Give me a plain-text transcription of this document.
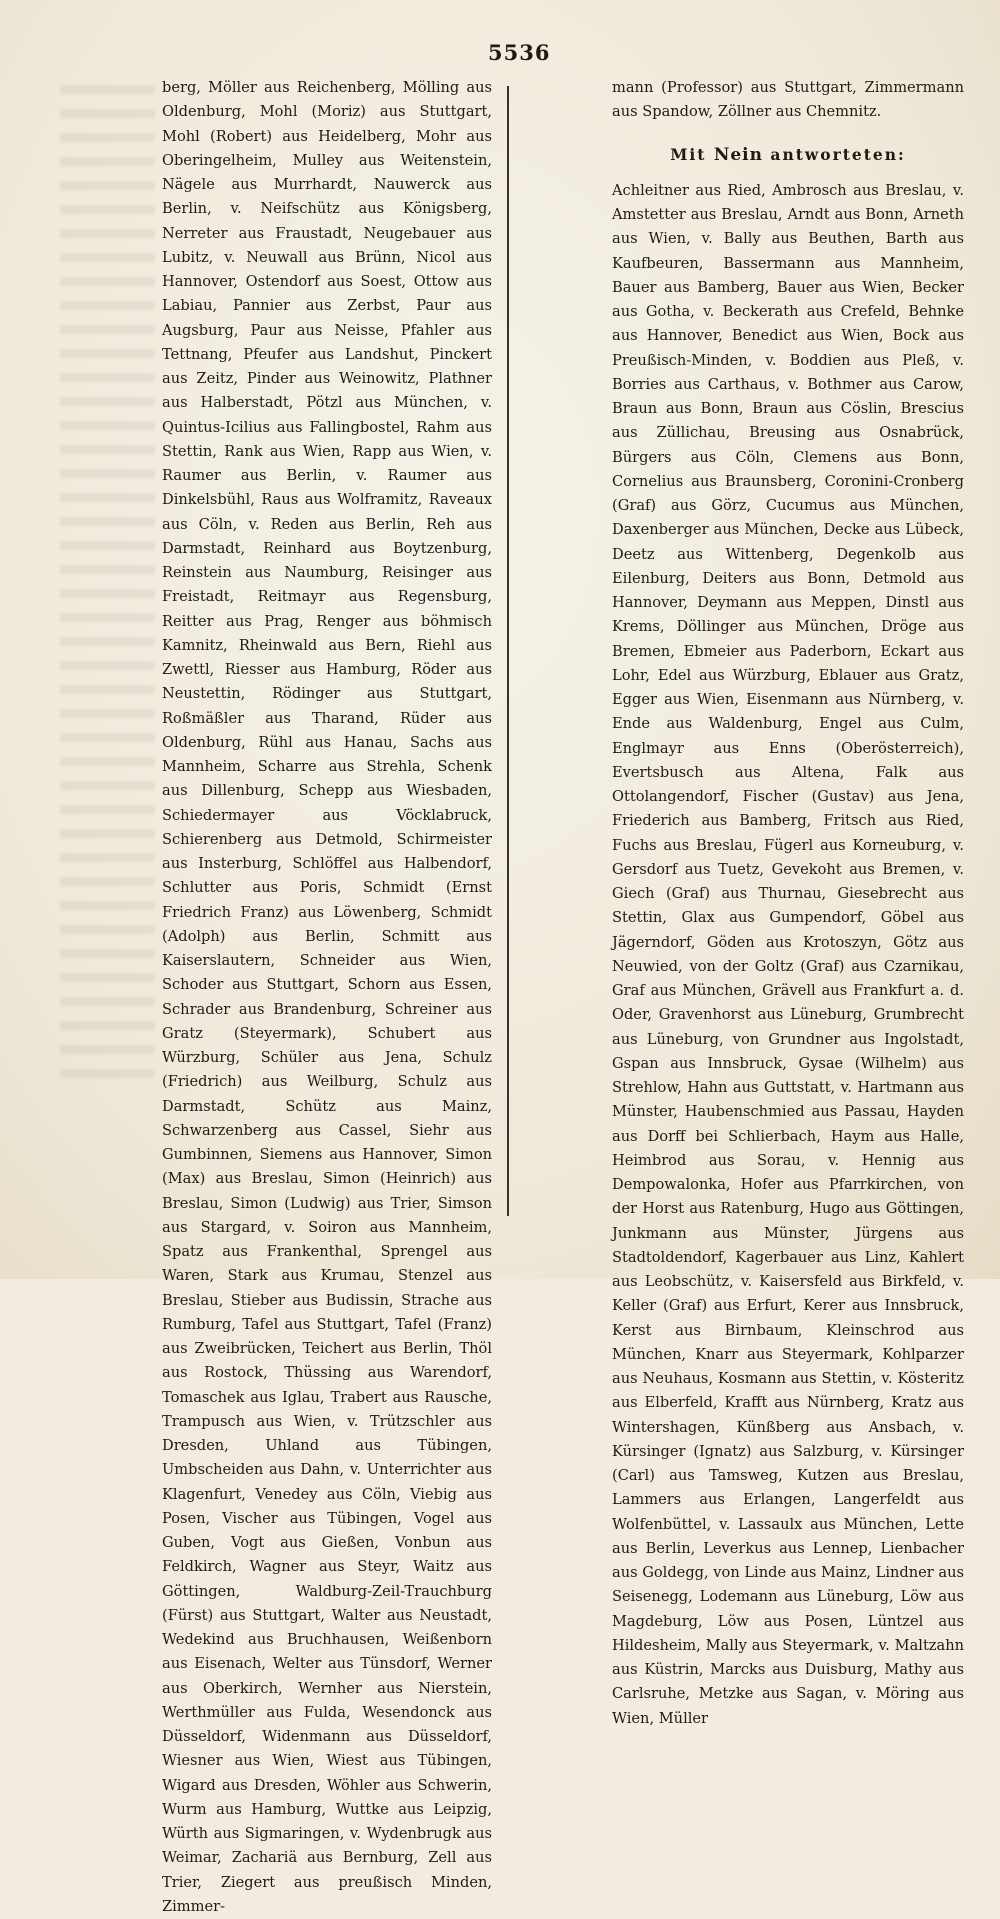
5536

berg, Möller aus Reichenberg, Mölling aus Oldenburg, Mohl (Moriz) aus Stuttgart, Mohl (Robert) aus Heidelberg, Mohr aus Oberingelheim, Mulley aus Weitenstein, Nägele aus Murrhardt, Nauwerck aus Berlin, v. Neifschütz aus Königsberg, Nerreter aus Fraustadt, Neugebauer aus Lubitz, v. Neuwall aus Brünn, Nicol aus Hannover, Ostendorf aus Soest, Ottow aus Labiau, Pannier aus Zerbst, Paur aus Augsburg, Paur aus Neisse, Pfahler aus Tettnang, Pfeufer aus Landshut, Pinckert aus Zeitz, Pinder aus Weinowitz, Plathner aus Halberstadt, Pötzl aus München, v. Quintus-Icilius aus Fallingbostel, Rahm aus Stettin, Rank aus Wien, Rapp aus Wien, v. Raumer aus Berlin, v. Raumer aus Dinkelsbühl, Raus aus Wolframitz, Raveaux aus Cöln, v. Reden aus Berlin, Reh aus Darmstadt, Reinhard aus Boytzenburg, Reinstein aus Naumburg, Reisinger aus Freistadt, Reitmayr aus Regensburg, Reitter aus Prag, Renger aus böhmisch Kamnitz, Rheinwald aus Bern, Riehl aus Zwettl, Riesser aus Hamburg, Röder aus Neustettin, Rödinger aus Stuttgart, Roßmäßler aus Tharand, Rüder aus Oldenburg, Rühl aus Hanau, Sachs aus Mannheim, Scharre aus Strehla, Schenk aus Dillenburg, Schepp aus Wiesbaden, Schiedermayer aus Vöcklabruck, Schierenberg aus Detmold, Schirmeister aus Insterburg, Schlöffel aus Halbendorf, Schlutter aus Poris, Schmidt (Ernst Friedrich Franz) aus Löwenberg, Schmidt (Adolph) aus Berlin, Schmitt aus Kaiserslautern, Schneider aus Wien, Schoder aus Stuttgart, Schorn aus Essen, Schrader aus Brandenburg, Schreiner aus Gratz (Steyermark), Schubert aus Würzburg, Schüler aus Jena, Schulz (Friedrich) aus Weilburg, Schulz aus Darmstadt, Schütz aus Mainz, Schwarzenberg aus Cassel, Siehr aus Gumbinnen, Siemens aus Hannover, Simon (Max) aus Breslau, Simon (Heinrich) aus Breslau, Simon (Ludwig) aus Trier, Simson aus Stargard, v. Soiron aus Mannheim, Spatz aus Frankenthal, Sprengel aus Waren, Stark aus Krumau, Stenzel aus Breslau, Stieber aus Budissin, Strache aus Rumburg, Tafel aus Stuttgart, Tafel (Franz) aus Zweibrücken, Teichert aus Berlin, Thöl aus Rostock, Thüssing aus Warendorf, Tomaschek aus Iglau, Trabert aus Rausche, Trampusch aus Wien, v. Trützschler aus Dresden, Uhland aus Tübingen, Umbscheiden aus Dahn, v. Unterrichter aus Klagenfurt, Venedey aus Cöln, Viebig aus Posen, Vischer aus Tübingen, Vogel aus Guben, Vogt aus Gießen, Vonbun aus Feldkirch, Wagner aus Steyr, Waitz aus Göttingen, Waldburg-Zeil-Trauchburg (Fürst) aus Stuttgart, Walter aus Neustadt, Wedekind aus Bruchhausen, Weißenborn aus Eisenach, Welter aus Tünsdorf, Werner aus Oberkirch, Wernher aus Nierstein, Werthmüller aus Fulda, Wesendonck aus Düsseldorf, Widenmann aus Düsseldorf, Wiesner aus Wien, Wiest aus Tübingen, Wigard aus Dresden, Wöhler aus Schwerin, Wurm aus Hamburg, Wuttke aus Leipzig, Würth aus Sigmaringen, v. Wydenbrugk aus Weimar, Zachariä aus Bernburg, Zell aus Trier, Ziegert aus preußisch Minden, Zimmer-

mann (Professor) aus Stuttgart, Zimmermann aus Spandow, Zöllner aus Chemnitz.

Mit Nein antworteten:

Achleitner aus Ried, Ambrosch aus Breslau, v. Amstetter aus Breslau, Arndt aus Bonn, Arneth aus Wien, v. Bally aus Beuthen, Barth aus Kaufbeuren, Bassermann aus Mannheim, Bauer aus Bamberg, Bauer aus Wien, Becker aus Gotha, v. Beckerath aus Crefeld, Behnke aus Hannover, Benedict aus Wien, Bock aus Preußisch-Minden, v. Boddien aus Pleß, v. Borries aus Carthaus, v. Bothmer aus Carow, Braun aus Bonn, Braun aus Cöslin, Brescius aus Züllichau, Breusing aus Osnabrück, Bürgers aus Cöln, Clemens aus Bonn, Cornelius aus Braunsberg, Coronini-Cronberg (Graf) aus Görz, Cucumus aus München, Daxenberger aus München, Decke aus Lübeck, Deetz aus Wittenberg, Degenkolb aus Eilenburg, Deiters aus Bonn, Detmold aus Hannover, Deymann aus Meppen, Dinstl aus Krems, Döllinger aus München, Dröge aus Bremen, Ebmeier aus Paderborn, Eckart aus Lohr, Edel aus Würzburg, Eblauer aus Gratz, Egger aus Wien, Eisenmann aus Nürnberg, v. Ende aus Waldenburg, Engel aus Culm, Englmayr aus Enns (Oberösterreich), Evertsbusch aus Altena, Falk aus Ottolangendorf, Fischer (Gustav) aus Jena, Friederich aus Bamberg, Fritsch aus Ried, Fuchs aus Breslau, Fügerl aus Korneuburg, v. Gersdorf aus Tuetz, Gevekoht aus Bremen, v. Giech (Graf) aus Thurnau, Giesebrecht aus Stettin, Glax aus Gumpendorf, Göbel aus Jägerndorf, Göden aus Krotoszyn, Götz aus Neuwied, von der Goltz (Graf) aus Czarnikau, Graf aus München, Grävell aus Frankfurt a. d. Oder, Gravenhorst aus Lüneburg, Grumbrecht aus Lüneburg, von Grundner aus Ingolstadt, Gspan aus Innsbruck, Gysae (Wilhelm) aus Strehlow, Hahn aus Guttstatt, v. Hartmann aus Münster, Haubenschmied aus Passau, Hayden aus Dorff bei Schlierbach, Haym aus Halle, Heimbrod aus Sorau, v. Hennig aus Dempowalonka, Hofer aus Pfarrkirchen, von der Horst aus Ratenburg, Hugo aus Göttingen, Junkmann aus Münster, Jürgens aus Stadtoldendorf, Kagerbauer aus Linz, Kahlert aus Leobschütz, v. Kaisersfeld aus Birkfeld, v. Keller (Graf) aus Erfurt, Kerer aus Innsbruck, Kerst aus Birnbaum, Kleinschrod aus München, Knarr aus Steyermark, Kohlparzer aus Neuhaus, Kosmann aus Stettin, v. Kösteritz aus Elberfeld, Krafft aus Nürnberg, Kratz aus Wintershagen, Künßberg aus Ansbach, v. Kürsinger (Ignatz) aus Salzburg, v. Kürsinger (Carl) aus Tamsweg, Kutzen aus Breslau, Lammers aus Erlangen, Langerfeldt aus Wolfenbüttel, v. Lassaulx aus München, Lette aus Berlin, Leverkus aus Lennep, Lienbacher aus Goldegg, von Linde aus Mainz, Lindner aus Seisenegg, Lodemann aus Lüneburg, Löw aus Magdeburg, Löw aus Posen, Lüntzel aus Hildesheim, Mally aus Steyermark, v. Maltzahn aus Küstrin, Marcks aus Duisburg, Mathy aus Carlsruhe, Metzke aus Sagan, v. Möring aus Wien, Müller
